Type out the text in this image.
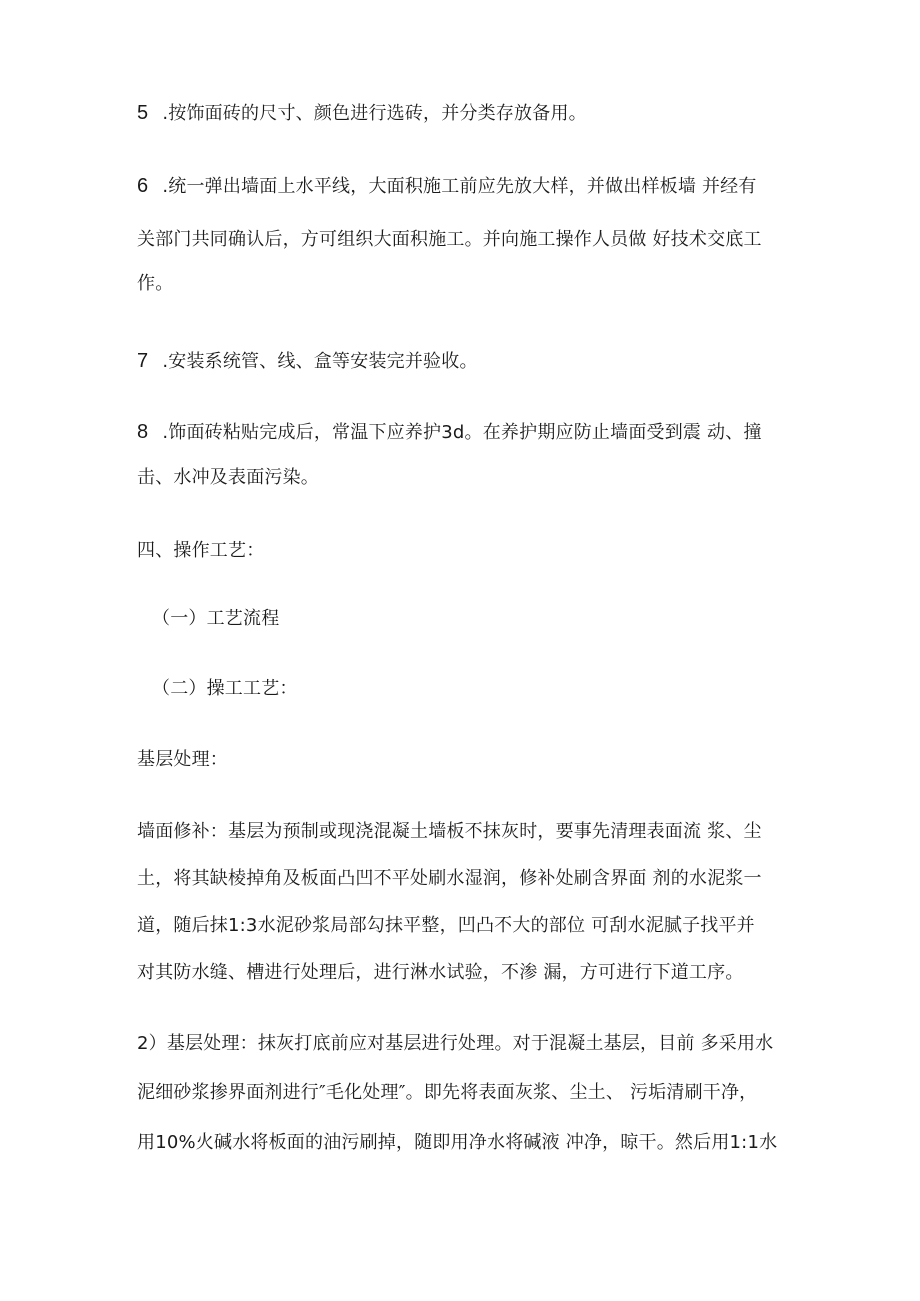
5 .按饰面砖的尺寸、颜色进行选砖，并分类存放备用。
6 .统一弹出墙面上水平线，大面积施工前应先放大样，并做出样板墙 并经有
关部门共同确认后，方可组织大面积施工。并向施工操作人员做 好技术交底工
作。
7 .安装系统管、线、盒等安装完并验收。
8 .饰面砖粘贴完成后，常温下应养护3d。在养护期应防止墙面受到震 动、撞
击、水冲及表面污染。
四、操作工艺：
（一）工艺流程
（二）操工工艺：
基层处理：
墙面修补：基层为预制或现浇混凝土墙板不抹灰时，要事先清理表面流 浆、尘
土，将其缺棱掉角及板面凸凹不平处刷水湿润，修补处刷含界面 剂的水泥浆一
道，随后抹1:3水泥砂浆局部勾抹平整，凹凸不大的部位 可刮水泥腻子找平并
对其防水缝、槽进行处理后，进行淋水试验，不渗 漏，方可进行下道工序。
2）基层处理：抹灰打底前应对基层进行处理。对于混凝土基层，目前 多采用水
泥细砂浆掺界面剂进行″毛化处理″。即先将表面灰浆、尘土、 污垢清刷干净，
用10%火碱水将板面的油污刷掉，随即用净水将碱液 冲净，晾干。然后用1:1水
